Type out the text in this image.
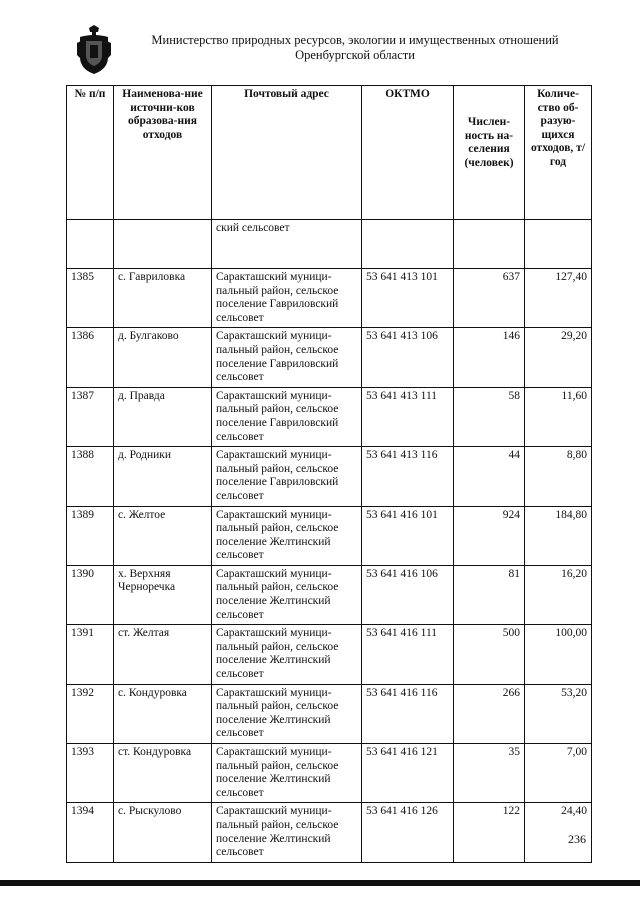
Министерство природных ресурсов, экологии и имущественных отношений
Оренбургской области
№ п/п	Наименова-ние источни-ков образова-ния отходов	Почтовый адрес	ОКТМО	Числен-ность на-селения (человек)	Количе-ство об-разую-щихся отходов, т/год
		ский сельсовет			
1385	с. Гавриловка	Саракташский муници-пальный район, сельское поселение Гавриловский сельсовет	53 641 413 101	637	127,40
1386	д. Булгаково	Саракташский муници-пальный район, сельское поселение Гавриловский сельсовет	53 641 413 106	146	29,20
1387	д. Правда	Саракташский муници-пальный район, сельское поселение Гавриловский сельсовет	53 641 413 111	58	11,60
1388	д. Родники	Саракташский муници-пальный район, сельское поселение Гавриловский сельсовет	53 641 413 116	44	8,80
1389	с. Желтое	Саракташский муници-пальный район, сельское поселение Желтинский сельсовет	53 641 416 101	924	184,80
1390	х. Верхняя Черноречка	Саракташский муници-пальный район, сельское поселение Желтинский сельсовет	53 641 416 106	81	16,20
1391	ст. Желтая	Саракташский муници-пальный район, сельское поселение Желтинский сельсовет	53 641 416 111	500	100,00
1392	с. Кондуровка	Саракташский муници-пальный район, сельское поселение Желтинский сельсовет	53 641 416 116	266	53,20
1393	ст. Кондуровка	Саракташский муници-пальный район, сельское поселение Желтинский сельсовет	53 641 416 121	35	7,00
1394	с. Рыскулово	Саракташский муници-пальный район, сельское поселение Желтинский сельсовет	53 641 416 126	122	24,40
236
